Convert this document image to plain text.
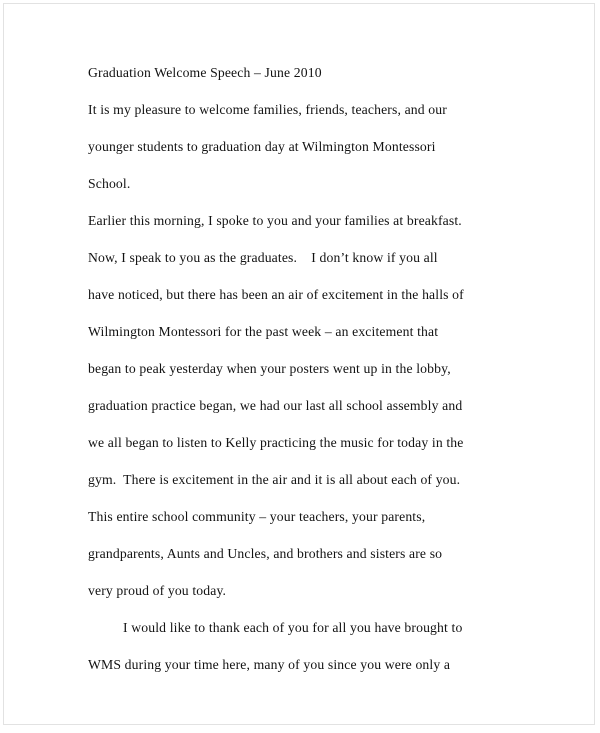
Graduation Welcome Speech – June 2010
It is my pleasure to welcome families, friends, teachers, and our
younger students to graduation day at Wilmington Montessori
School.
Earlier this morning, I spoke to you and your families at breakfast.
Now, I speak to you as the graduates.    I don’t know if you all
have noticed, but there has been an air of excitement in the halls of
Wilmington Montessori for the past week – an excitement that
began to peak yesterday when your posters went up in the lobby,
graduation practice began, we had our last all school assembly and
we all began to listen to Kelly practicing the music for today in the
gym.  There is excitement in the air and it is all about each of you.
This entire school community – your teachers, your parents,
grandparents, Aunts and Uncles, and brothers and sisters are so
very proud of you today.
I would like to thank each of you for all you have brought to
WMS during your time here, many of you since you were only a
